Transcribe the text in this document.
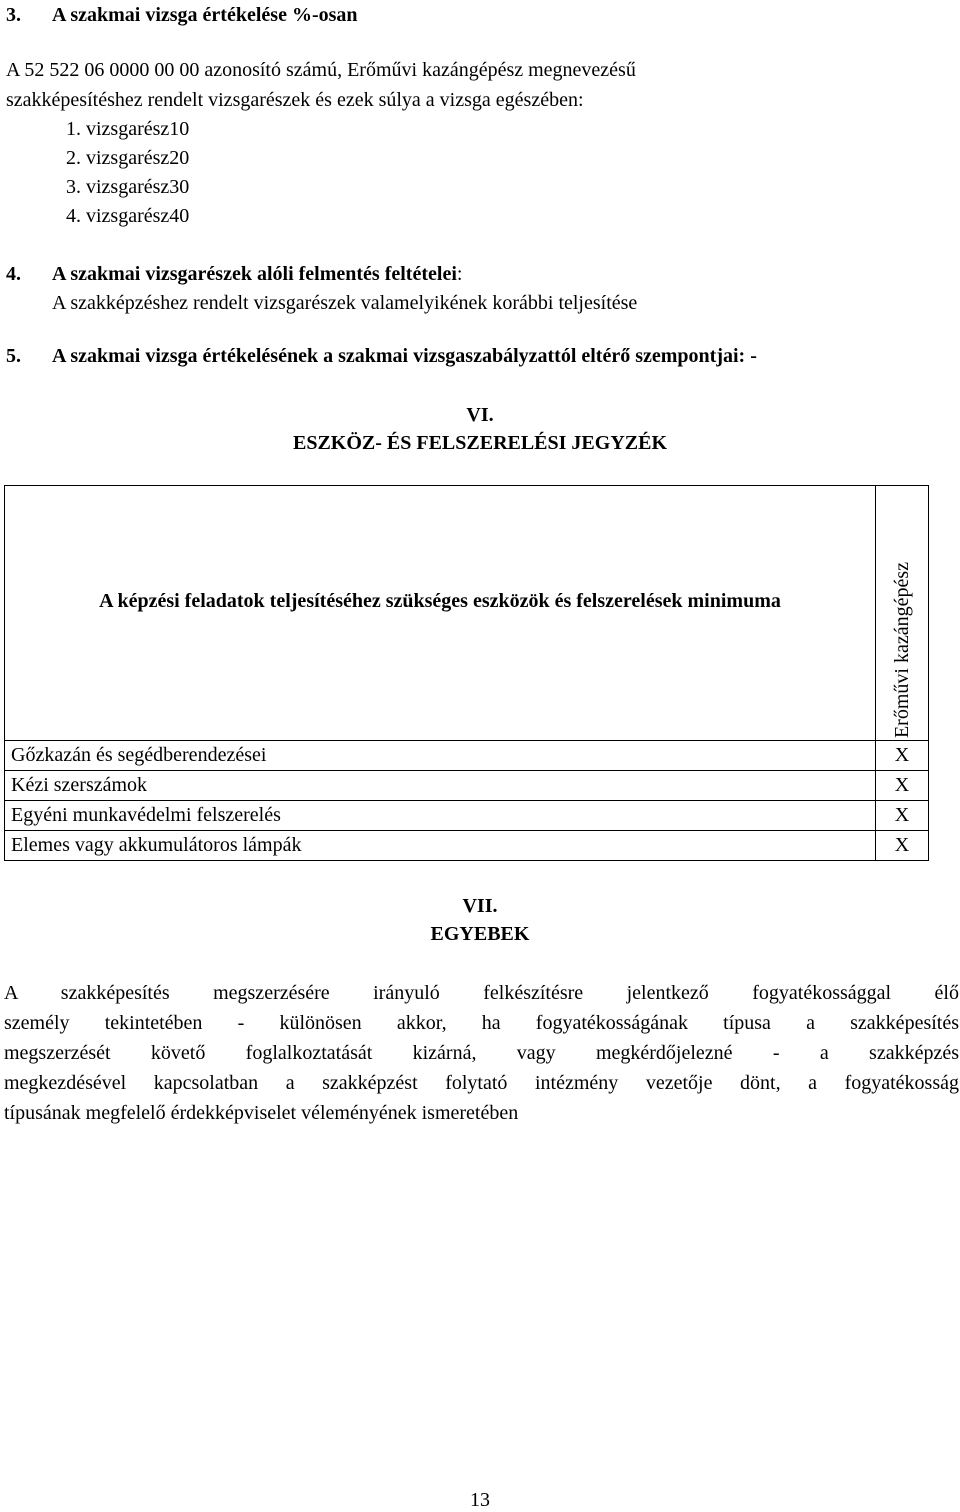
3. A szakmai vizsga értékelése %-osan
A 52 522 06 0000 00 00 azonosító számú, Erőművi kazángépész megnevezésű
szakképesítéshez rendelt vizsgarészek és ezek súlya a vizsga egészében:
1. vizsgarész10
2. vizsgarész20
3. vizsgarész30
4. vizsgarész40
4. A szakmai vizsgarészek alóli felmentés feltételei:
A szakképzéshez rendelt vizsgarészek valamelyikének korábbi teljesítése
5. A szakmai vizsga értékelésének a szakmai vizsgaszabályzattól eltérő szempontjai: -
VI.
ESZKÖZ- ÉS FELSZERELÉSI JEGYZÉK
A képzési feladatok teljesítéséhez szükséges eszközök és felszerelések minimuma	Erőművi kazángépész

Gőzkazán és segédberendezései	X
Kézi szerszámok	X
Egyéni munkavédelmi felszerelés	X
Elemes vagy akkumulátoros lámpák	X
VII.
EGYEBEK
A szakképesítés megszerzésére irányuló felkészítésre jelentkező fogyatékossággal élő
személy tekintetében - különösen akkor, ha fogyatékosságának típusa a szakképesítés
megszerzését követő foglalkoztatását kizárná, vagy megkérdőjelezné - a szakképzés
megkezdésével kapcsolatban a szakképzést folytató intézmény vezetője dönt, a fogyatékosság
típusának megfelelő érdekképviselet véleményének ismeretében
13
